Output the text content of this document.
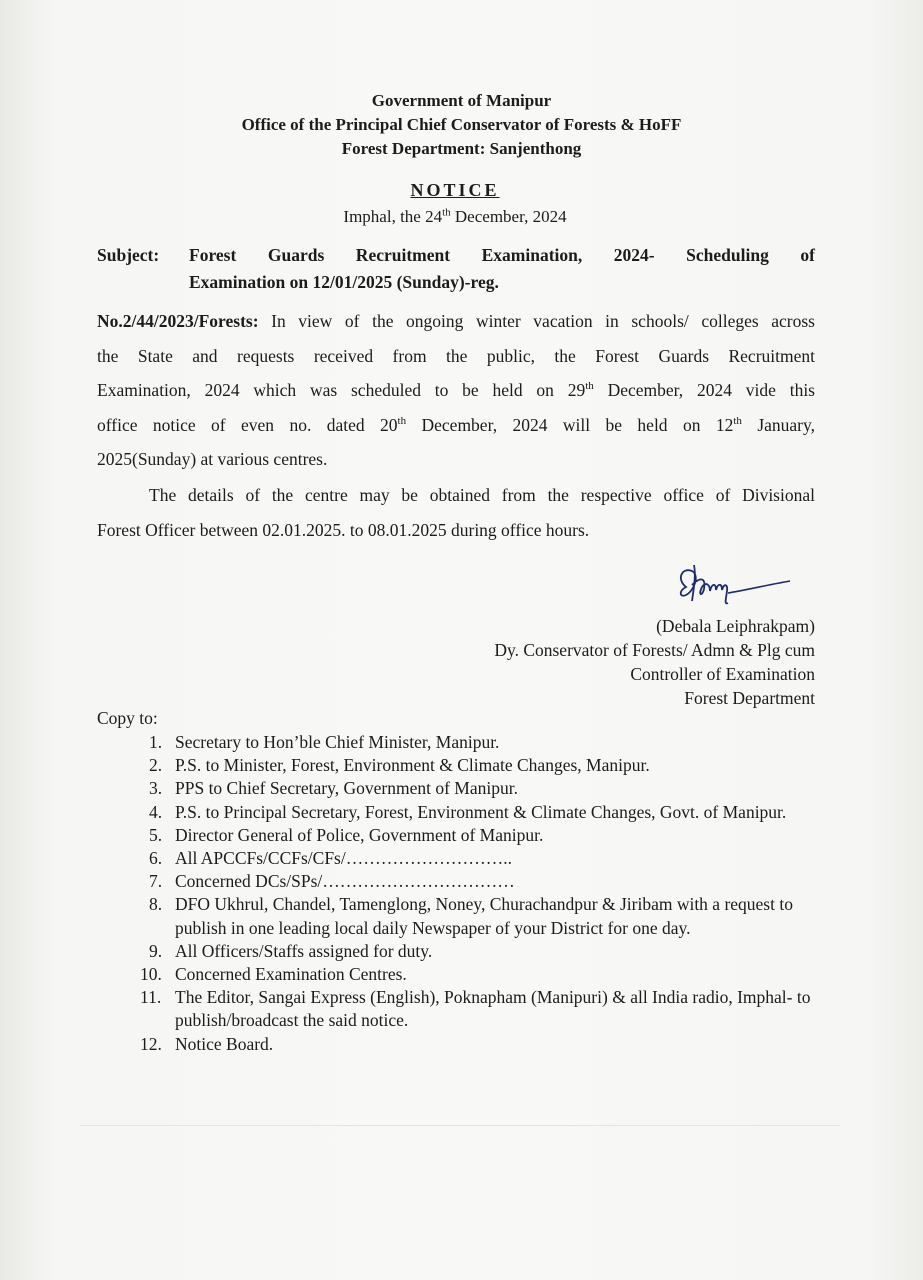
Government of Manipur
Office of the Principal Chief Conservator of Forests & HoFF
Forest Department: Sanjenthong
NOTICE
Imphal, the 24th December, 2024
Subject: Forest Guards Recruitment Examination, 2024- Scheduling of
Examination on 12/01/2025 (Sunday)-reg.
No.2/44/2023/Forests: In view of the ongoing winter vacation in schools/ colleges across
the State and requests received from the public, the Forest Guards Recruitment
Examination, 2024 which was scheduled to be held on 29th December, 2024 vide this
office notice of even no. dated 20th December, 2024 will be held on 12th January,
2025(Sunday) at various centres.
The details of the centre may be obtained from the respective office of Divisional
Forest Officer between 02.01.2025. to 08.01.2025 during office hours.
(Debala Leiphrakpam)
Dy. Conservator of Forests/ Admn & Plg cum
Controller of Examination
Forest Department
Copy to:
1. Secretary to Hon’ble Chief Minister, Manipur.
2. P.S. to Minister, Forest, Environment & Climate Changes, Manipur.
3. PPS to Chief Secretary, Government of Manipur.
4. P.S. to Principal Secretary, Forest, Environment & Climate Changes, Govt. of Manipur.
5. Director General of Police, Government of Manipur.
6. All APCCFs/CCFs/CFs/………………………..
7. Concerned DCs/SPs/……………………………
8. DFO Ukhrul, Chandel, Tamenglong, Noney, Churachandpur & Jiribam with a request to publish in one leading local daily Newspaper of your District for one day.
9. All Officers/Staffs assigned for duty.
10. Concerned Examination Centres.
11. The Editor, Sangai Express (English), Poknapham (Manipuri) & all India radio, Imphal- to publish/broadcast the said notice.
12. Notice Board.
